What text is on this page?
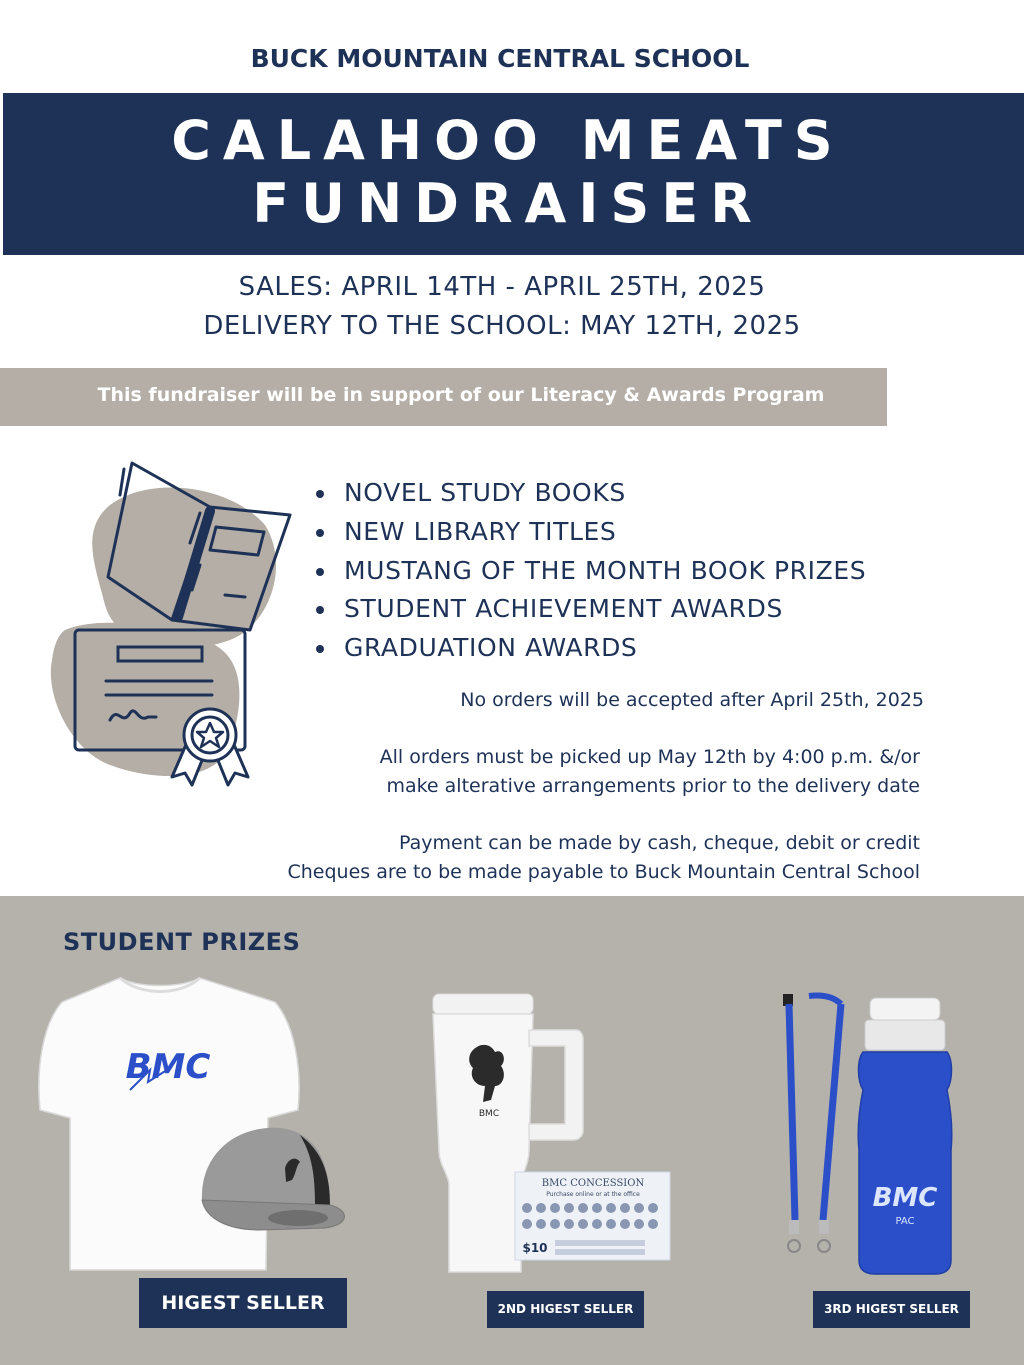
BUCK MOUNTAIN CENTRAL SCHOOL
CALAHOO MEATS
FUNDRAISER
SALES: APRIL 14TH - APRIL 25TH, 2025
DELIVERY TO THE SCHOOL: MAY 12TH, 2025
This fundraiser will be in support of our Literacy & Awards Program
NOVEL STUDY BOOKS
NEW LIBRARY TITLES
MUSTANG OF THE MONTH BOOK PRIZES
STUDENT ACHIEVEMENT AWARDS
GRADUATION AWARDS
No orders will be accepted after April 25th, 2025
All orders must be picked up May 12th by 4:00 p.m. &/or
make alterative arrangements prior to the delivery date
Payment can be made by cash, cheque, debit or credit
Cheques are to be made payable to Buck Mountain Central School
STUDENT PRIZES
BMC
HIGEST SELLER
BMC
BMC CONCESSION
Purchase online or at the office
$10
2ND HIGEST SELLER
BMC
PAC
3RD HIGEST SELLER
